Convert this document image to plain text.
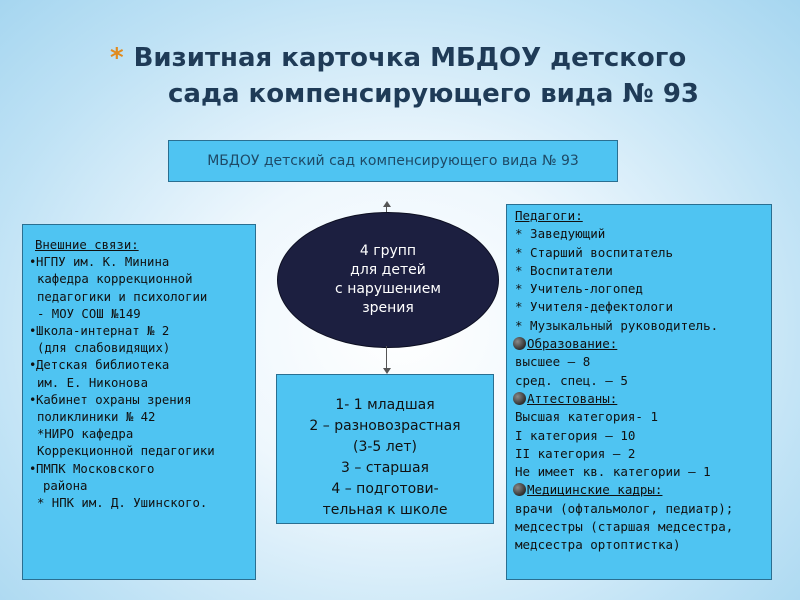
* Визитная карточка МБДОУ детского
сада компенсирующего вида № 93
МБДОУ детский сад компенсирующего вида № 93
Внешние связи:
•НГПУ им. К. Минина
кафедра коррекционной
педагогики и психологии
- МОУ СОШ №149
•Школа-интернат № 2
(для слабовидящих)
•Детская библиотека
им. Е. Никонова
•Кабинет охраны зрения
поликлиники № 42
*НИРО кафедра
Коррекционной педагогики
•ПМПК Московского
района
* НПК им. Д. Ушинского.
4 групп
для детей
с нарушением
зрения
1- 1 младшая
2 – разновозрастная
(3-5 лет)
3 – старшая
4 – подготови-
тельная к школе
Педагоги:
* Заведующий
* Старший воспитатель
* Воспитатели
* Учитель-логопед
* Учителя-дефектологи
* Музыкальный руководитель.
Образование:
высшее – 8
сред. спец. – 5
Аттестованы:
Высшая категория- 1
I категория – 10
II категория – 2
Не имеет кв. категории – 1
Медицинские кадры:
врачи (офтальмолог, педиатр);
медсестры (старшая медсестра,
медсестра ортоптистка)
